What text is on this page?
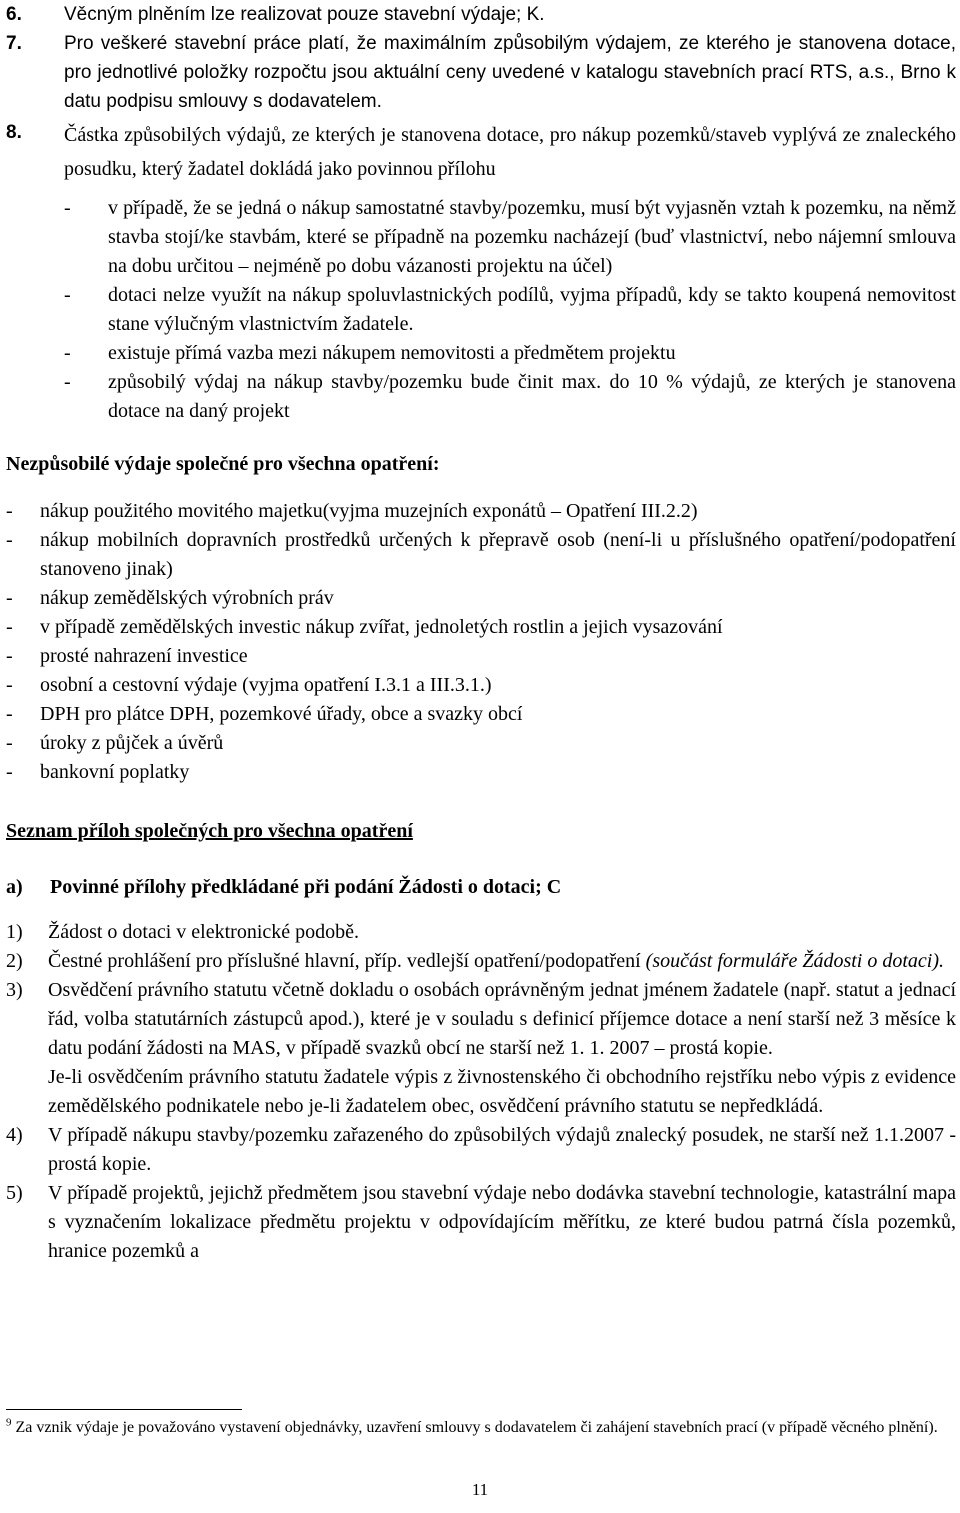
6.	Věcným plněním lze realizovat pouze stavební výdaje; K.
7.	Pro veškeré stavební práce platí, že maximálním způsobilým výdajem, ze kterého je stanovena dotace, pro jednotlivé položky rozpočtu jsou aktuální ceny uvedené v katalogu stavebních prací RTS, a.s., Brno k datu podpisu smlouvy s dodavatelem.
8.	Částka způsobilých výdajů, ze kterých je stanovena dotace, pro nákup pozemků/staveb vyplývá ze znaleckého posudku, který žadatel dokládá jako povinnou přílohu
-	v případě, že se jedná o nákup samostatné stavby/pozemku, musí být vyjasněn vztah k pozemku, na němž stavba stojí/ke stavbám, které se případně na pozemku nacházejí (buď vlastnictví, nebo nájemní smlouva na dobu určitou – nejméně po dobu vázanosti projektu na účel)
-	dotaci nelze využít na nákup spoluvlastnických podílů, vyjma případů, kdy se takto koupená nemovitost stane výlučným vlastnictvím žadatele.
-	existuje přímá vazba mezi nákupem nemovitosti a předmětem projektu
-	způsobilý výdaj na nákup stavby/pozemku bude činit max. do 10 % výdajů, ze kterých je stanovena dotace na daný projekt

Nezpůsobilé výdaje společné pro všechna opatření:

-	nákup použitého movitého majetku(vyjma muzejních exponátů – Opatření III.2.2)
-	nákup mobilních dopravních prostředků určených k přepravě osob (není-li u příslušného opatření/podopatření stanoveno jinak)
-	nákup zemědělských výrobních práv
-	v případě zemědělských investic nákup zvířat, jednoletých rostlin a jejich vysazování
-	prosté nahrazení investice
-	osobní a cestovní výdaje (vyjma opatření I.3.1 a III.3.1.)
-	DPH pro plátce DPH, pozemkové úřady, obce a svazky obcí
-	úroky z půjček a úvěrů
-	bankovní poplatky

Seznam příloh společných pro všechna opatření

a)	Povinné přílohy předkládané při podání Žádosti o dotaci; C
1)	Žádost o dotaci v elektronické podobě.
2)	Čestné prohlášení pro příslušné hlavní, příp. vedlejší opatření/podopatření (součást formuláře Žádosti o dotaci).
3)	Osvědčení právního statutu včetně dokladu o osobách oprávněným jednat jménem žadatele (např. statut a jednací řád, volba statutárních zástupců apod.), které je v souladu s definicí příjemce dotace a není starší než 3 měsíce k datu podání žádosti na MAS, v případě svazků obcí ne starší než 1. 1. 2007 – prostá kopie.
Je-li osvědčením právního statutu žadatele výpis z živnostenského či obchodního rejstříku nebo výpis z evidence zemědělského podnikatele nebo je-li žadatelem obec, osvědčení právního statutu se nepředkládá.
4)	V případě nákupu stavby/pozemku zařazeného do způsobilých výdajů znalecký posudek, ne starší než 1.1.2007 - prostá kopie.
5)	V případě projektů, jejichž předmětem jsou stavební výdaje nebo dodávka stavební technologie, katastrální mapa s vyznačením lokalizace předmětu projektu v odpovídajícím měřítku, ze které budou patrná čísla pozemků, hranice pozemků a
$^9$ Za vznik výdaje je považováno vystavení objednávky, uzavření smlouvy s dodavatelem či zahájení stavebních prací (v případě věcného plnění).
11
